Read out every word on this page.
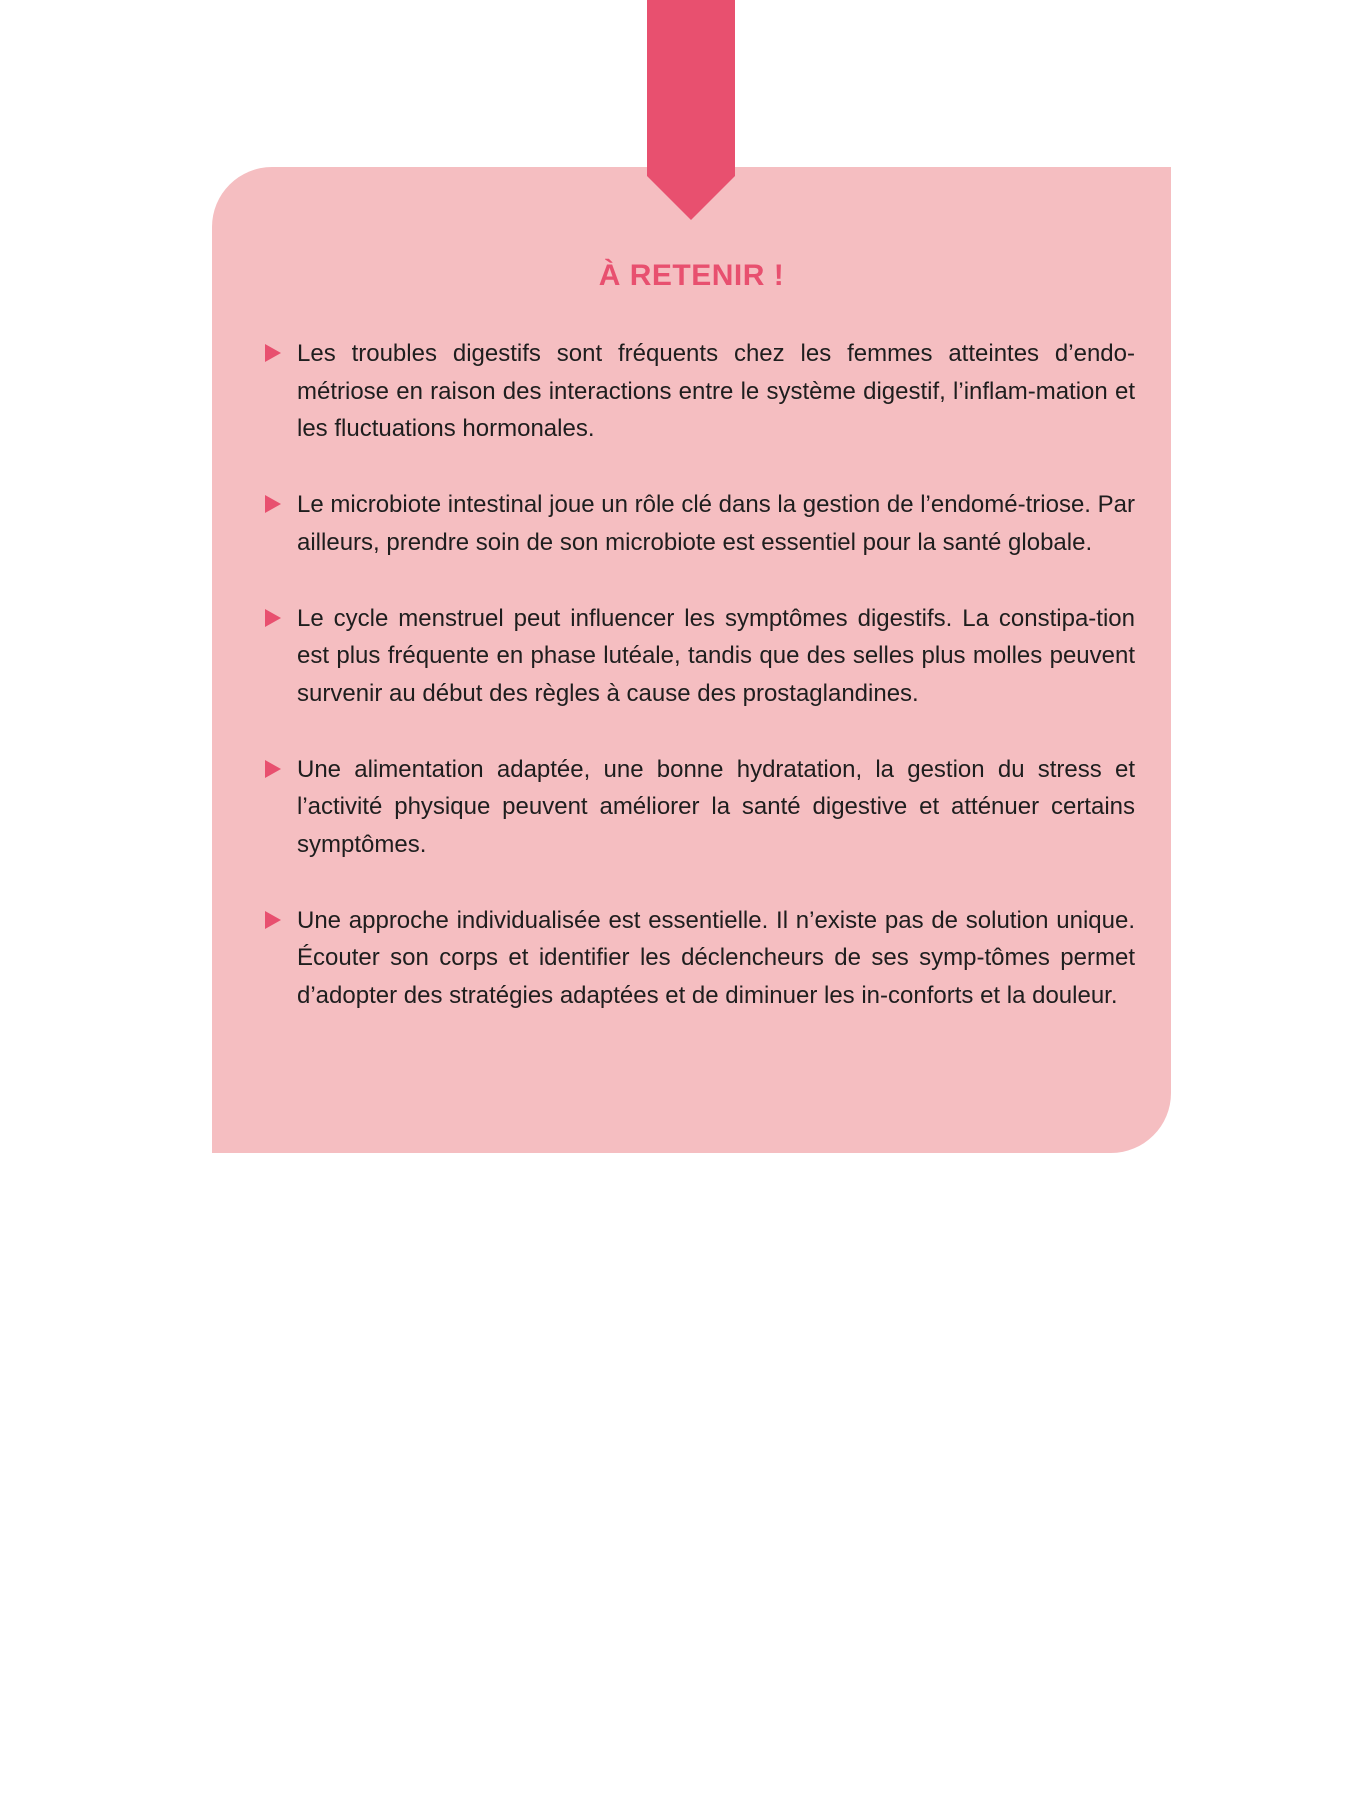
À RETENIR !
Les troubles digestifs sont fréquents chez les femmes atteintes d’endo-métriose en raison des interactions entre le système digestif, l’inflam-mation et les fluctuations hormonales.
Le microbiote intestinal joue un rôle clé dans la gestion de l’endomé-triose. Par ailleurs, prendre soin de son microbiote est essentiel pour la santé globale.
Le cycle menstruel peut influencer les symptômes digestifs. La constipa-tion est plus fréquente en phase lutéale, tandis que des selles plus molles peuvent survenir au début des règles à cause des prostaglandines.
Une alimentation adaptée, une bonne hydratation, la gestion du stress et l’activité physique peuvent améliorer la santé digestive et atténuer certains symptômes.
Une approche individualisée est essentielle. Il n’existe pas de solution unique. Écouter son corps et identifier les déclencheurs de ses symp-tômes permet d’adopter des stratégies adaptées et de diminuer les in-conforts et la douleur.
